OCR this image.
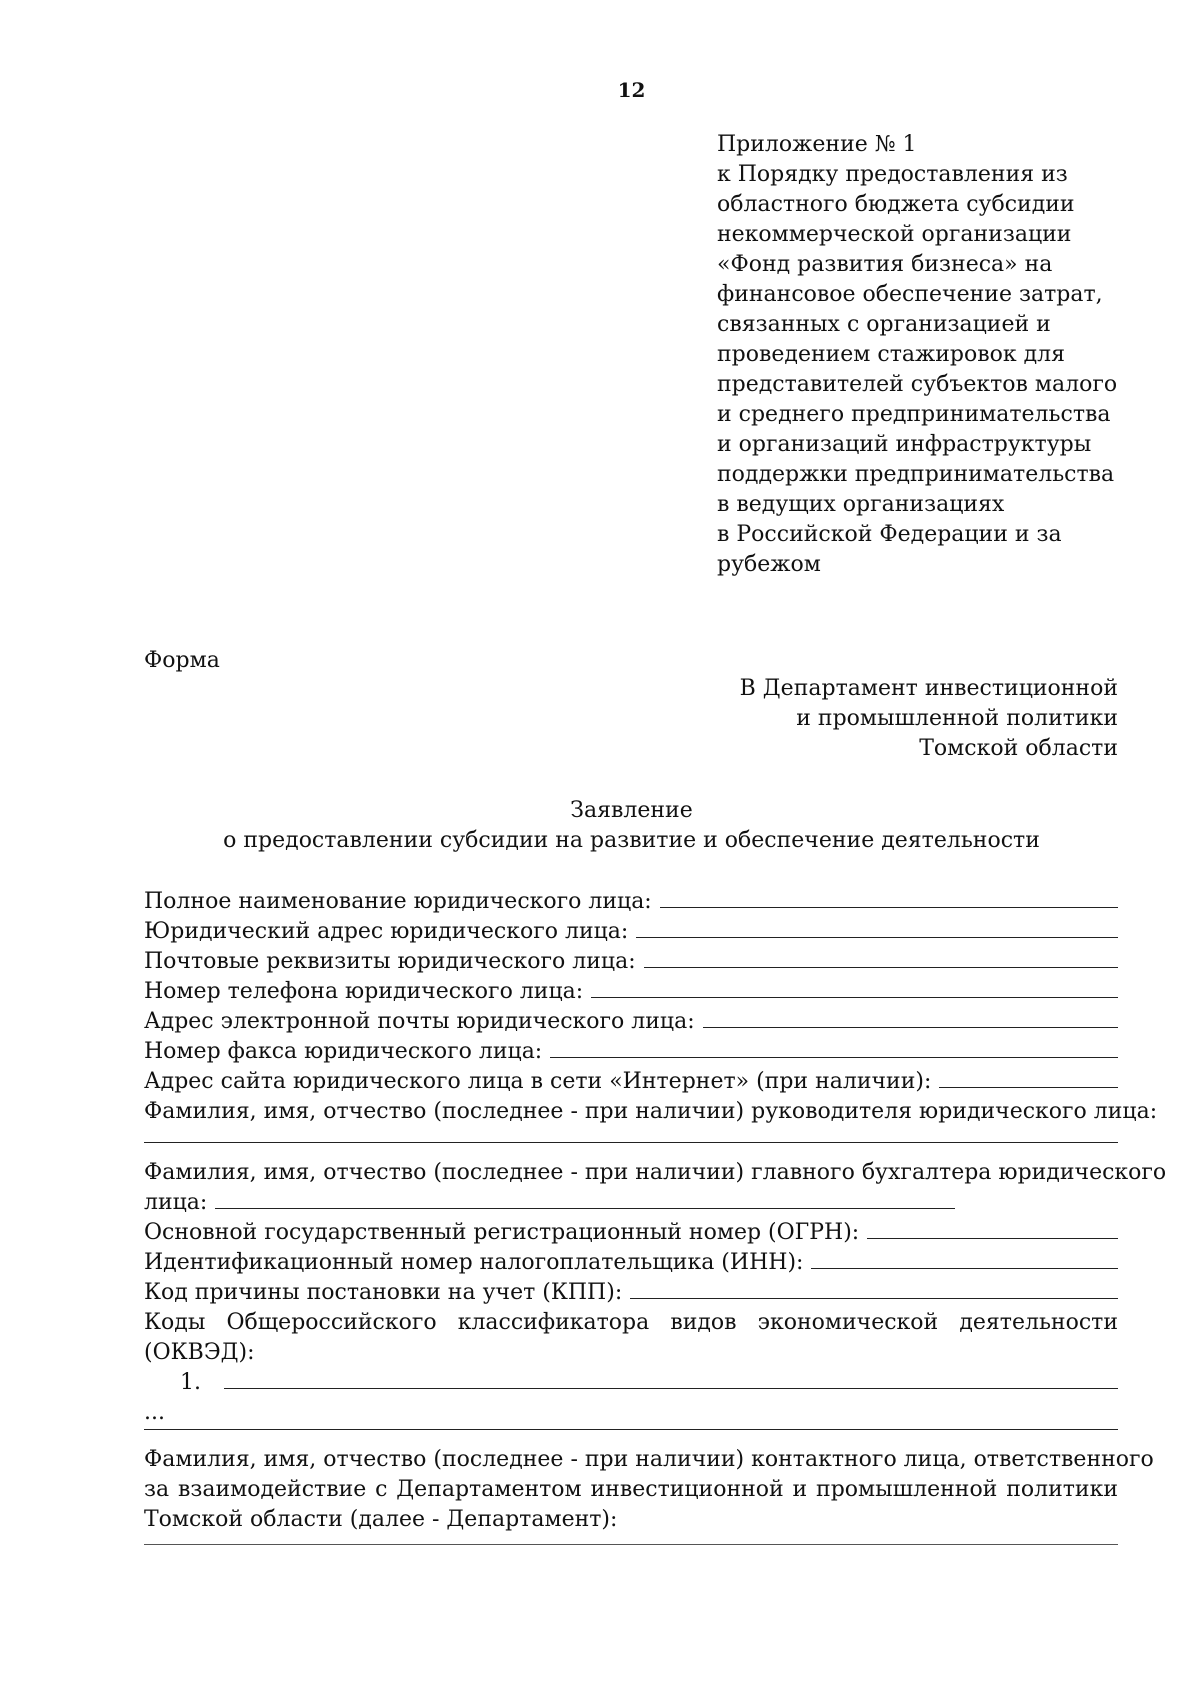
12
Приложение № 1
к Порядку предоставления из
областного бюджета субсидии
некоммерческой организации
«Фонд развития бизнеса» на
финансовое обеспечение затрат,
связанных с организацией и
проведением стажировок для
представителей субъектов малого
и среднего предпринимательства
и организаций инфраструктуры
поддержки предпринимательства
в ведущих организациях
в Российской Федерации и за
рубежом
Форма
В Департамент инвестиционной
и промышленной политики
Томской области
Заявление
о предоставлении субсидии на развитие и обеспечение деятельности
Полное наименование юридического лица:
Юридический адрес юридического лица:
Почтовые реквизиты юридического лица:
Номер телефона юридического лица:
Адрес электронной почты юридического лица:
Номер факса юридического лица:
Адрес сайта юридического лица в сети «Интернет» (при наличии):
Фамилия, имя, отчество (последнее - при наличии) руководителя юридического лица:
Фамилия, имя, отчество (последнее - при наличии) главного бухгалтера юридического
лица:
Основной государственный регистрационный номер (ОГРН):
Идентификационный номер налогоплательщика (ИНН):
Код причины постановки на учет (КПП):
Коды Общероссийского классификатора видов экономической деятельности
(ОКВЭД):
1.
...
Фамилия, имя, отчество (последнее - при наличии) контактного лица, ответственного
за взаимодействие с Департаментом инвестиционной и промышленной политики
Томской области (далее - Департамент):
